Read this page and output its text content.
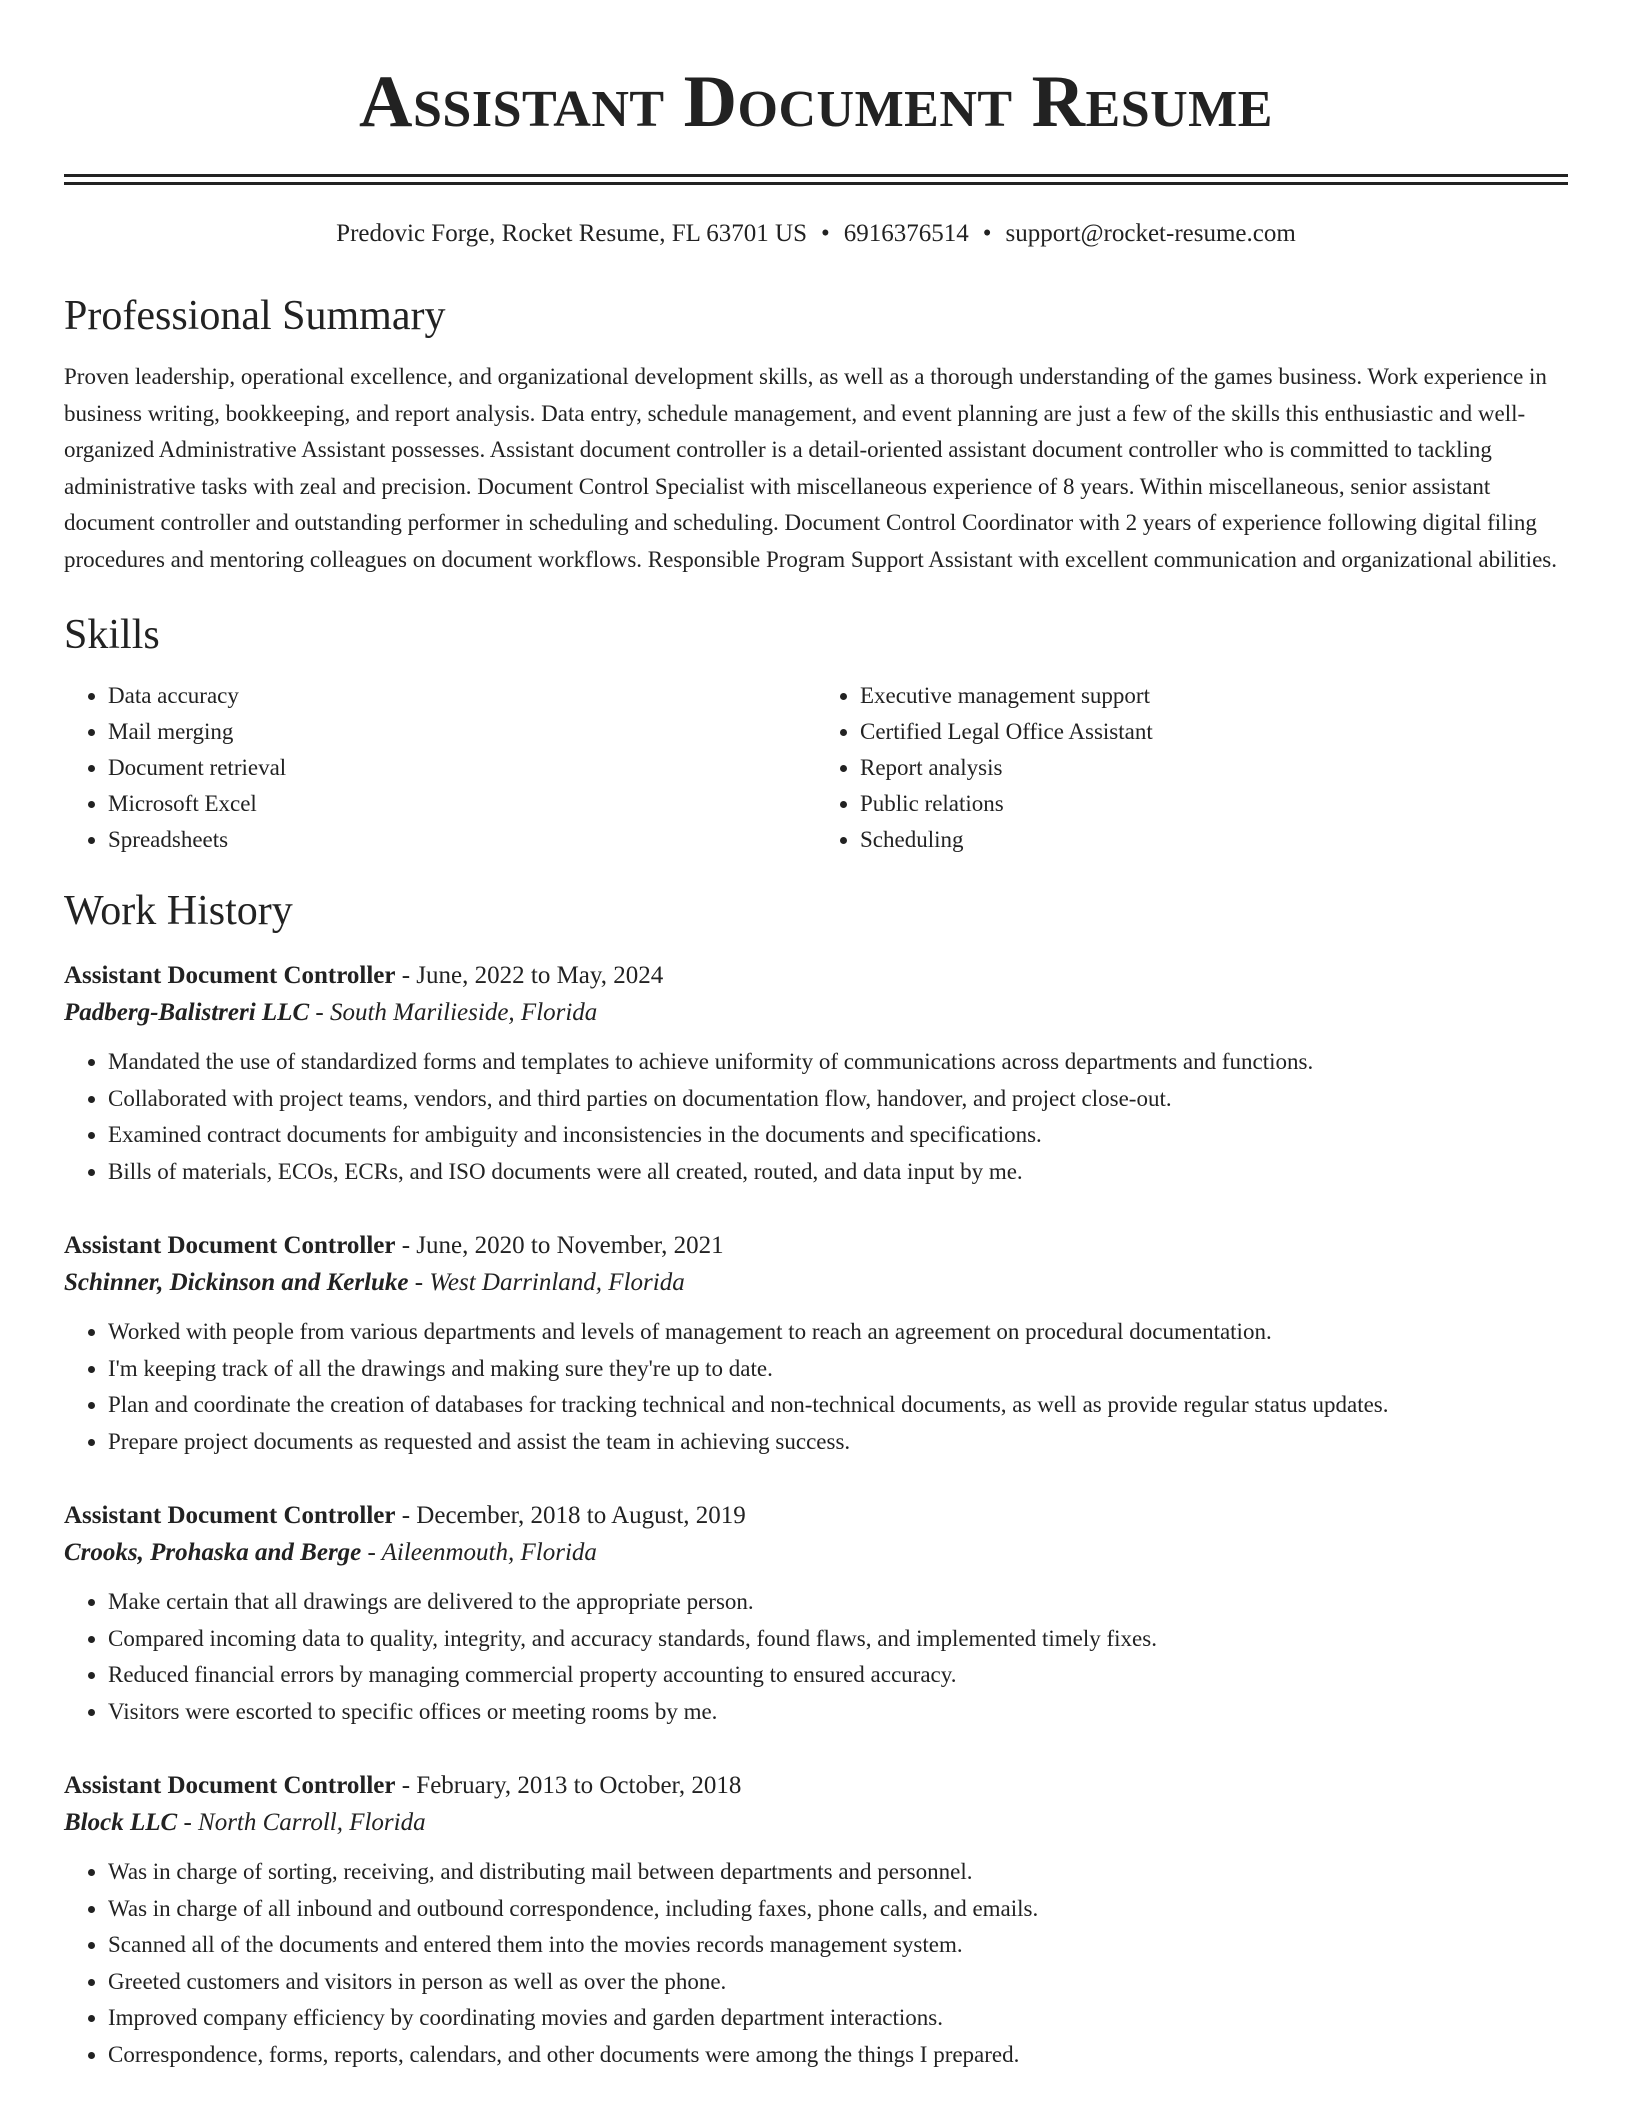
Assistant Document Resume
Predovic Forge, Rocket Resume, FL 63701 US • 6916376514 • support@rocket-resume.com
Professional Summary

Proven leadership, operational excellence, and organizational development skills, as well as a thorough understanding of the games business. Work experience in business writing, bookkeeping, and report analysis. Data entry, schedule management, and event planning are just a few of the skills this enthusiastic and well-organized Administrative Assistant possesses. Assistant document controller is a detail-oriented assistant document controller who is committed to tackling administrative tasks with zeal and precision. Document Control Specialist with miscellaneous experience of 8 years. Within miscellaneous, senior assistant document controller and outstanding performer in scheduling and scheduling. Document Control Coordinator with 2 years of experience following digital filing procedures and mentoring colleagues on document workflows. Responsible Program Support Assistant with excellent communication and organizational abilities.

Skills
• Data accuracy
• Mail merging
• Document retrieval
• Microsoft Excel
• Spreadsheets
• Executive management support
• Certified Legal Office Assistant
• Report analysis
• Public relations
• Scheduling
Work History
Assistant Document Controller - June, 2022 to May, 2024
Padberg-Balistreri LLC - South Marilieside, Florida
• Mandated the use of standardized forms and templates to achieve uniformity of communications across departments and functions.
• Collaborated with project teams, vendors, and third parties on documentation flow, handover, and project close-out.
• Examined contract documents for ambiguity and inconsistencies in the documents and specifications.
• Bills of materials, ECOs, ECRs, and ISO documents were all created, routed, and data input by me.
Assistant Document Controller - June, 2020 to November, 2021
Schinner, Dickinson and Kerluke - West Darrinland, Florida
• Worked with people from various departments and levels of management to reach an agreement on procedural documentation.
• I'm keeping track of all the drawings and making sure they're up to date.
• Plan and coordinate the creation of databases for tracking technical and non-technical documents, as well as provide regular status updates.
• Prepare project documents as requested and assist the team in achieving success.
Assistant Document Controller - December, 2018 to August, 2019
Crooks, Prohaska and Berge - Aileenmouth, Florida
• Make certain that all drawings are delivered to the appropriate person.
• Compared incoming data to quality, integrity, and accuracy standards, found flaws, and implemented timely fixes.
• Reduced financial errors by managing commercial property accounting to ensured accuracy.
• Visitors were escorted to specific offices or meeting rooms by me.
Assistant Document Controller - February, 2013 to October, 2018
Block LLC - North Carroll, Florida
• Was in charge of sorting, receiving, and distributing mail between departments and personnel.
• Was in charge of all inbound and outbound correspondence, including faxes, phone calls, and emails.
• Scanned all of the documents and entered them into the movies records management system.
• Greeted customers and visitors in person as well as over the phone.
• Improved company efficiency by coordinating movies and garden department interactions.
• Correspondence, forms, reports, calendars, and other documents were among the things I prepared.
